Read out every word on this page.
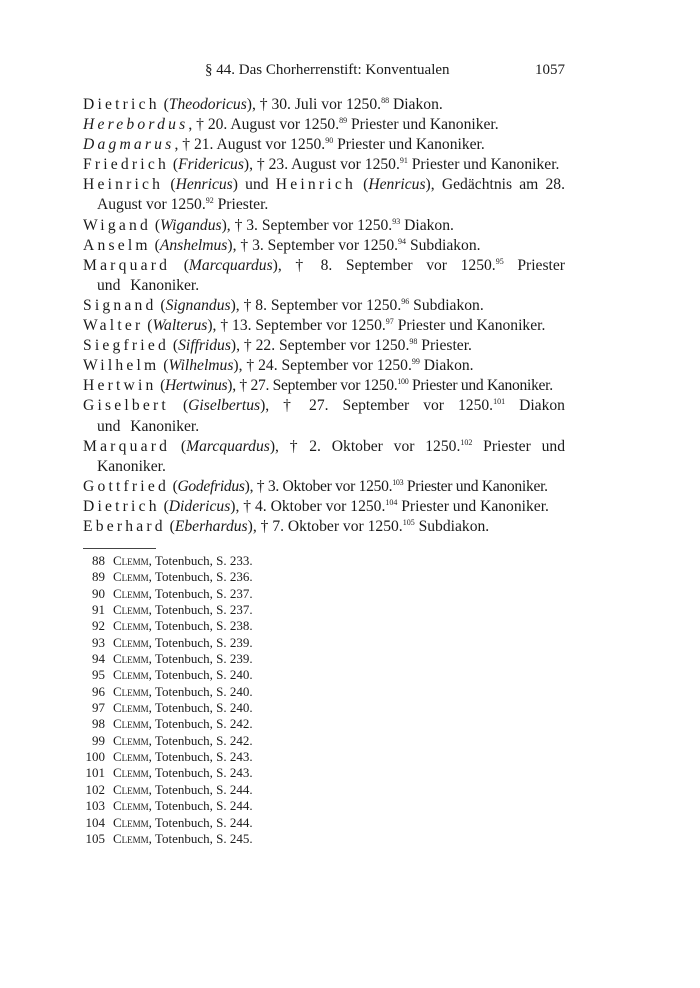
§ 44. Das Chorherrenstift: Konventualen	1057

Dietrich (Theodoricus), † 30. Juli vor 1250.88 Diakon.

Herebordus, † 20. August vor 1250.89 Priester und Kanoniker.

Dagmarus, † 21. August vor 1250.90 Priester und Kanoniker.

Friedrich (Fridericus), † 23. August vor 1250.91 Priester und Kanoniker.

Heinrich (Henricus) und Heinrich (Henricus), Gedächtnis am 28. August vor 1250.92 Priester.

Wigand (Wigandus), † 3. September vor 1250.93 Diakon.

Anselm (Anshelmus), † 3. September vor 1250.94 Subdiakon.

Marquard (Marcquardus), † 8. September vor 1250.95 Priester und Kanoniker.

Signand (Signandus), † 8. September vor 1250.96 Subdiakon.

Walter (Walterus), † 13. September vor 1250.97 Priester und Kanoniker.

Siegfried (Siffridus), † 22. September vor 1250.98 Priester.

Wilhelm (Wilhelmus), † 24. September vor 1250.99 Diakon.

Hertwin (Hertwinus), † 27. September vor 1250.$^{100}$ Priester und Kanoniker.

Giselbert (Giselbertus), † 27. September vor 1250.$^{101}$ Diakon und Kanoniker.

Marquard (Marcquardus), † 2. Oktober vor 1250.$^{102}$ Priester und Kanoniker.

Gottfried (Godefridus), † 3. Oktober vor 1250.$^{103}$ Priester und Kanoniker.

Dietrich (Didericus), † 4. Oktober vor 1250.$^{104}$ Priester und Kanoniker.

Eberhard (Eberhardus), † 7. Oktober vor 1250.$^{105}$ Subdiakon.

88 Clemm, Totenbuch, S. 233.
89 Clemm, Totenbuch, S. 236.
90 Clemm, Totenbuch, S. 237.
91 Clemm, Totenbuch, S. 237.
92 Clemm, Totenbuch, S. 238.
93 Clemm, Totenbuch, S. 239.
94 Clemm, Totenbuch, S. 239.
95 Clemm, Totenbuch, S. 240.
96 Clemm, Totenbuch, S. 240.
97 Clemm, Totenbuch, S. 240.
98 Clemm, Totenbuch, S. 242.
99 Clemm, Totenbuch, S. 242.
100 Clemm, Totenbuch, S. 243.
101 Clemm, Totenbuch, S. 243.
102 Clemm, Totenbuch, S. 244.
103 Clemm, Totenbuch, S. 244.
104 Clemm, Totenbuch, S. 244.
105 Clemm, Totenbuch, S. 245.
